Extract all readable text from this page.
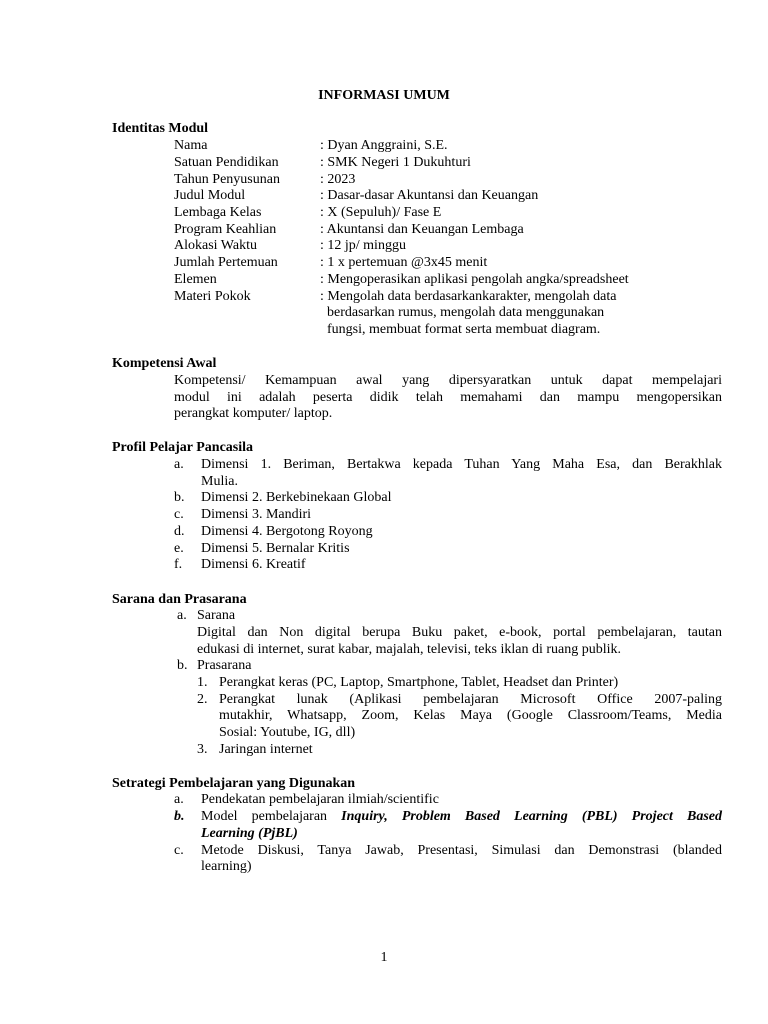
INFORMASI UMUM
Identitas Modul
Nama	: Dyan Anggraini, S.E.
Satuan Pendidikan	: SMK Negeri 1 Dukuhturi
Tahun Penyusunan	: 2023
Judul Modul	: Dasar-dasar Akuntansi dan Keuangan
Lembaga Kelas	: X (Sepuluh)/ Fase E
Program Keahlian	: Akuntansi dan Keuangan Lembaga
Alokasi Waktu	: 12 jp/ minggu
Jumlah Pertemuan	: 1 x pertemuan @3x45 menit
Elemen	: Mengoperasikan aplikasi pengolah angka/spreadsheet
Materi Pokok	: Mengolah data berdasarkankarakter, mengolah data
berdasarkan rumus, mengolah data menggunakan
fungsi, membuat format serta membuat diagram.
Kompetensi Awal
Kompetensi/ Kemampuan awal yang dipersyaratkan untuk dapat mempelajari
modul ini adalah peserta didik telah memahami dan mampu mengopersikan
perangkat komputer/ laptop.
Profil Pelajar Pancasila
a. Dimensi 1. Beriman, Bertakwa kepada Tuhan Yang Maha Esa, dan Berakhlak
Mulia.
b. Dimensi 2. Berkebinekaan Global
c. Dimensi 3. Mandiri
d. Dimensi 4. Bergotong Royong
e. Dimensi 5. Bernalar Kritis
f. Dimensi 6. Kreatif
Sarana dan Prasarana
a. Sarana
Digital dan Non digital berupa Buku paket, e-book, portal pembelajaran, tautan
edukasi di internet, surat kabar, majalah, televisi, teks iklan di ruang publik.
b. Prasarana
1. Perangkat keras (PC, Laptop, Smartphone, Tablet, Headset dan Printer)
2. Perangkat lunak (Aplikasi pembelajaran Microsoft Office 2007-paling
mutakhir, Whatsapp, Zoom, Kelas Maya (Google Classroom/Teams, Media
Sosial: Youtube, IG, dll)
3. Jaringan internet
Setrategi Pembelajaran yang Digunakan
a. Pendekatan pembelajaran ilmiah/scientific
b. Model pembelajaran Inquiry, Problem Based Learning (PBL) Project Based
Learning (PjBL)
c. Metode Diskusi, Tanya Jawab, Presentasi, Simulasi dan Demonstrasi (blanded
learning)
1
